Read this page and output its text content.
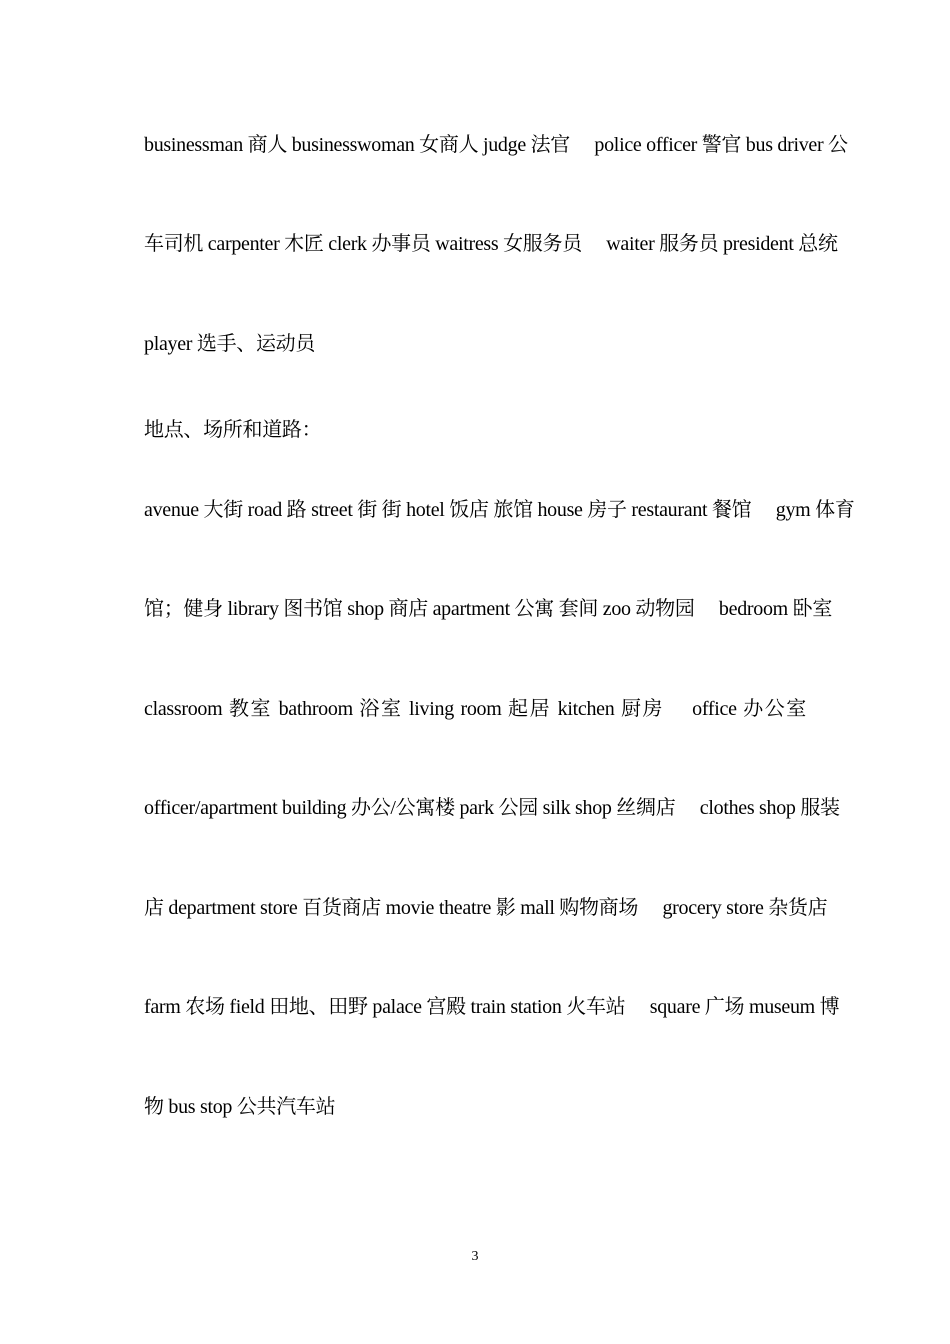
businessman 商人 businesswoman 女商人 judge 法官　 police officer 警官 bus driver 公
车司机 carpenter 木匠 clerk 办事员 waitress 女服务员　 waiter 服务员 president 总统
player 选手、运动员
地点、场所和道路：
avenue 大街 road 路 street 街 街 hotel 饭店 旅馆 house 房子 restaurant 餐馆　 gym 体育
馆；健身 library 图书馆 shop 商店 apartment 公寓 套间 zoo 动物园　 bedroom 卧室
classroom 教室 bathroom 浴室 living room 起居 kitchen 厨房　 office 办公室
officer/apartment building 办公/公寓楼 park 公园 silk shop 丝绸店　 clothes shop 服装
店 department store 百货商店 movie theatre 影 mall 购物商场　 grocery store 杂货店
farm 农场 field 田地、田野 palace 宫殿 train station 火车站　 square 广场 museum 博
物 bus stop 公共汽车站
3
